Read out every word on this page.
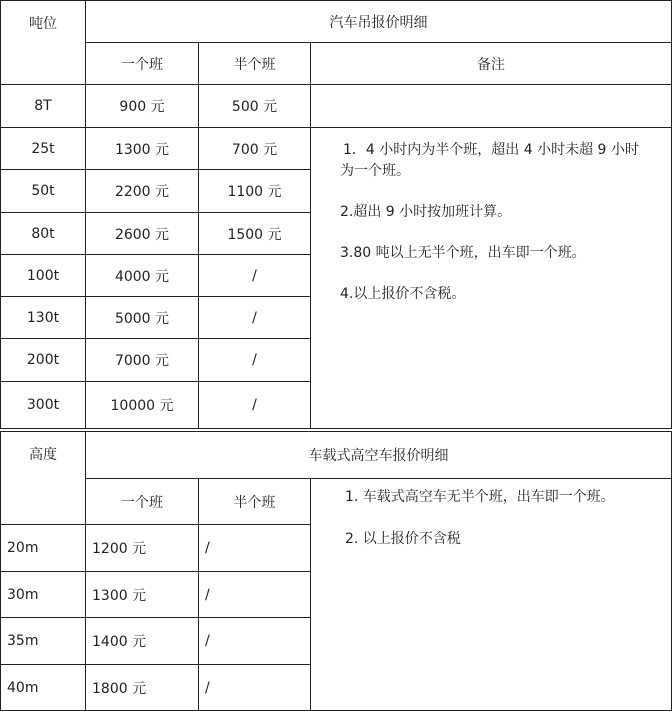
吨位	汽车吊报价明细		
	一个班	半个班	备注
8T	900 元	500 元	
25t	1300 元	700 元	1．4 小时内为半个班，超出 4 小时未超 9 小时
为一个班。
2.超出 9 小时按加班计算。
3.80 吨以上无半个班，出车即一个班。
4.以上报价不含税。

50t	2200 元	1100 元	
80t	2600 元	1500 元	
100t	4000 元	/	
130t	5000 元	/	
200t	7000 元	/	
300t	10000 元	/	
高度	车载式高空车报价明细		
	一个班	半个班	1. 车载式高空车无半个班，出车即一个班。
2. 以上报价不含税

20m	1200 元	/	
30m	1300 元	/	
35m	1400 元	/	
40m	1800 元	/	
